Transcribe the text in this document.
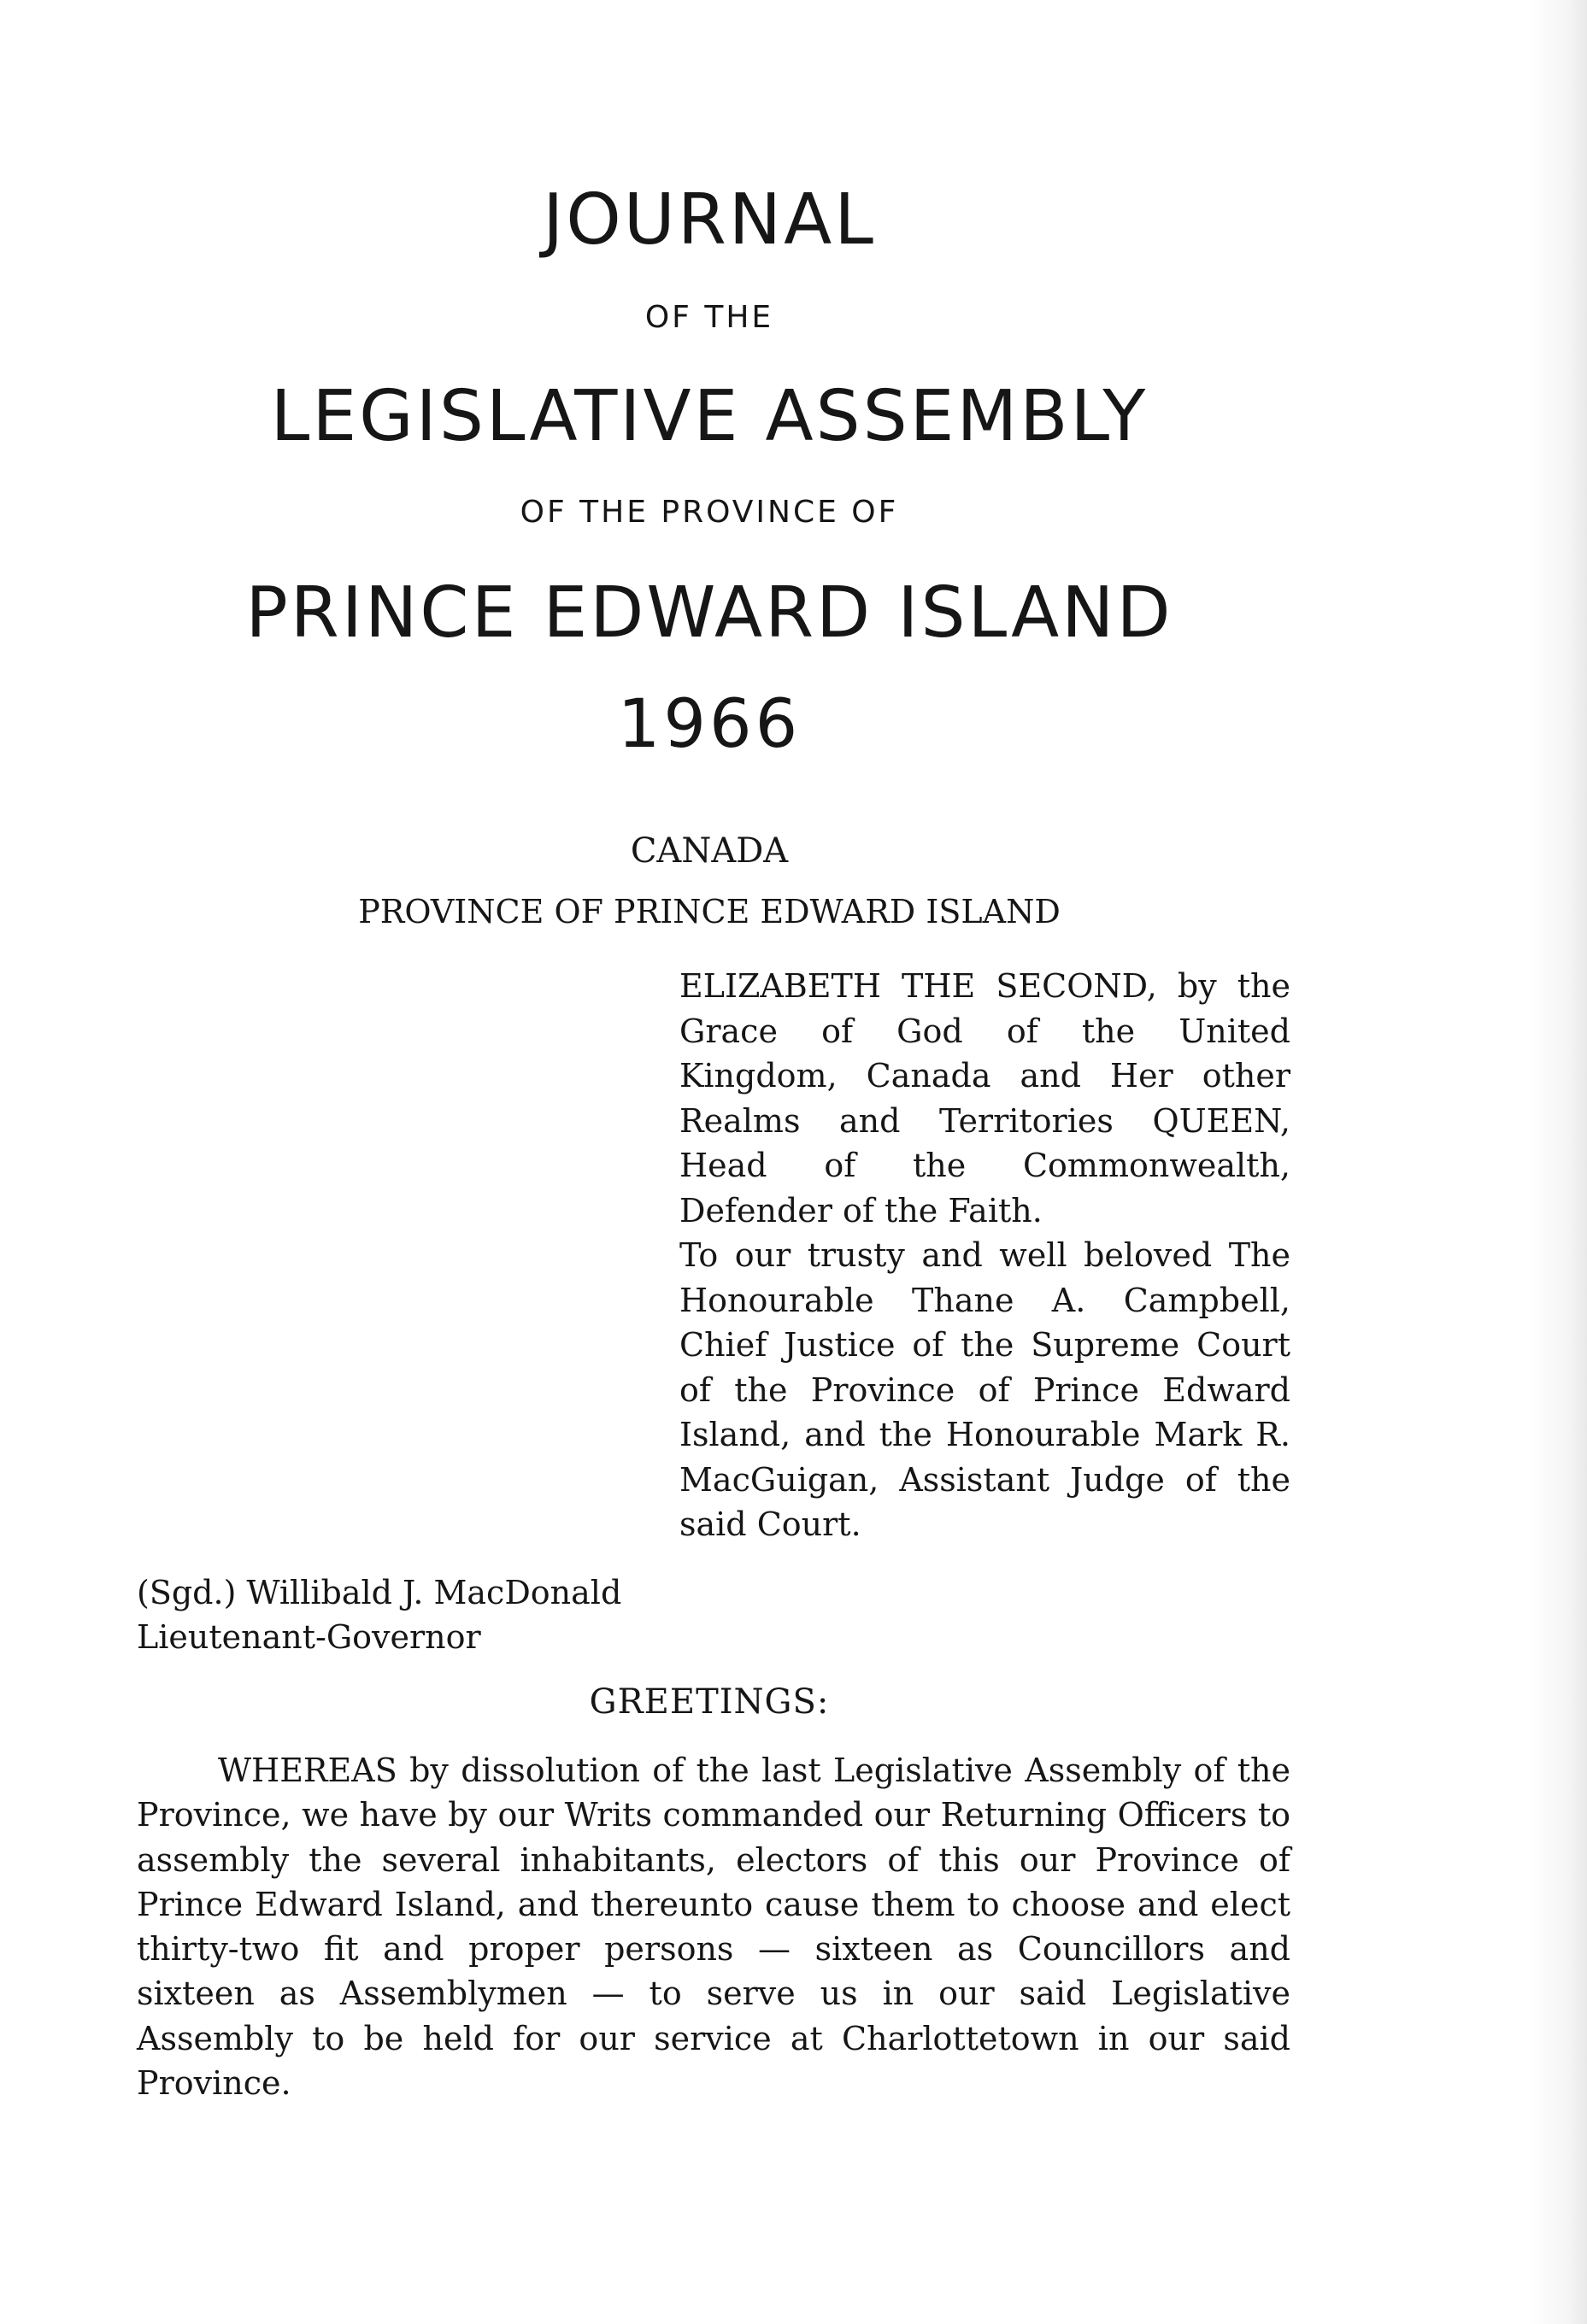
JOURNAL
OF THE
LEGISLATIVE ASSEMBLY
OF THE PROVINCE OF
PRINCE EDWARD ISLAND
1966
CANADA
PROVINCE OF PRINCE EDWARD ISLAND

ELIZABETH THE SECOND, by the Grace of God of the United Kingdom, Canada and Her other Realms and Territories QUEEN, Head of the Commonwealth, Defender of the Faith.

To our trusty and well beloved The Honourable Thane A. Campbell, Chief Justice of the Supreme Court of the Province of Prince Edward Island, and the Honourable Mark R. MacGuigan, Assistant Judge of the said Court.

(Sgd.) Willibald J. MacDonald
Lieutenant-Governor
GREETINGS:

WHEREAS by dissolution of the last Legislative Assembly of the Province, we have by our Writs commanded our Returning Officers to assembly the several inhabitants, electors of this our Province of Prince Edward Island, and thereunto cause them to choose and elect thirty-two fit and proper persons — sixteen as Councillors and sixteen as Assemblymen — to serve us in our said Legislative Assembly to be held for our service at Charlottetown in our said Province.
